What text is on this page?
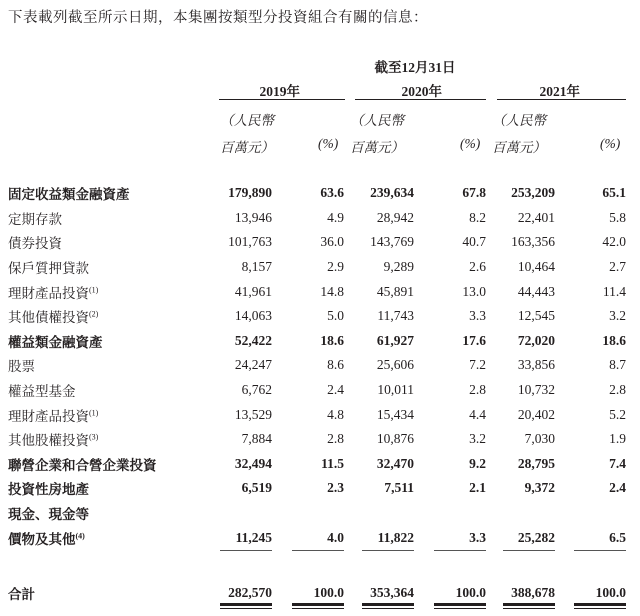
下表載列截至所示日期，本集團按類型分投資組合有關的信息：
截至12月31日
2019年	2020年	2021年
（人民幣
百萬元）	(%)
（人民幣
百萬元）	(%)
（人民幣
百萬元）	(%)
固定收益類金融資產	179,890	63.6	239,634	67.8	253,209	65.1
定期存款	13,946	4.9	28,942	8.2	22,401	5.8
債券投資	101,763	36.0	143,769	40.7	163,356	42.0
保戶質押貸款	8,157	2.9	9,289	2.6	10,464	2.7
理財產品投資$^{(1)}$	41,961	14.8	45,891	13.0	44,443	11.4
其他債權投資$^{(2)}$	14,063	5.0	11,743	3.3	12,545	3.2
權益類金融資產	52,422	18.6	61,927	17.6	72,020	18.6
股票	24,247	8.6	25,606	7.2	33,856	8.7
權益型基金	6,762	2.4	10,011	2.8	10,732	2.8
理財產品投資$^{(1)}$	13,529	4.8	15,434	4.4	20,402	5.2
其他股權投資$^{(3)}$	7,884	2.8	10,876	3.2	7,030	1.9
聯營企業和合營企業投資	32,494	11.5	32,470	9.2	28,795	7.4
投資性房地產	6,519	2.3	7,511	2.1	9,372	2.4
現金、現金等
價物及其他$^{(4)}$	11,245	4.0	11,822	3.3	25,282	6.5
合計	282,570	100.0	353,364	100.0	388,678	100.0
